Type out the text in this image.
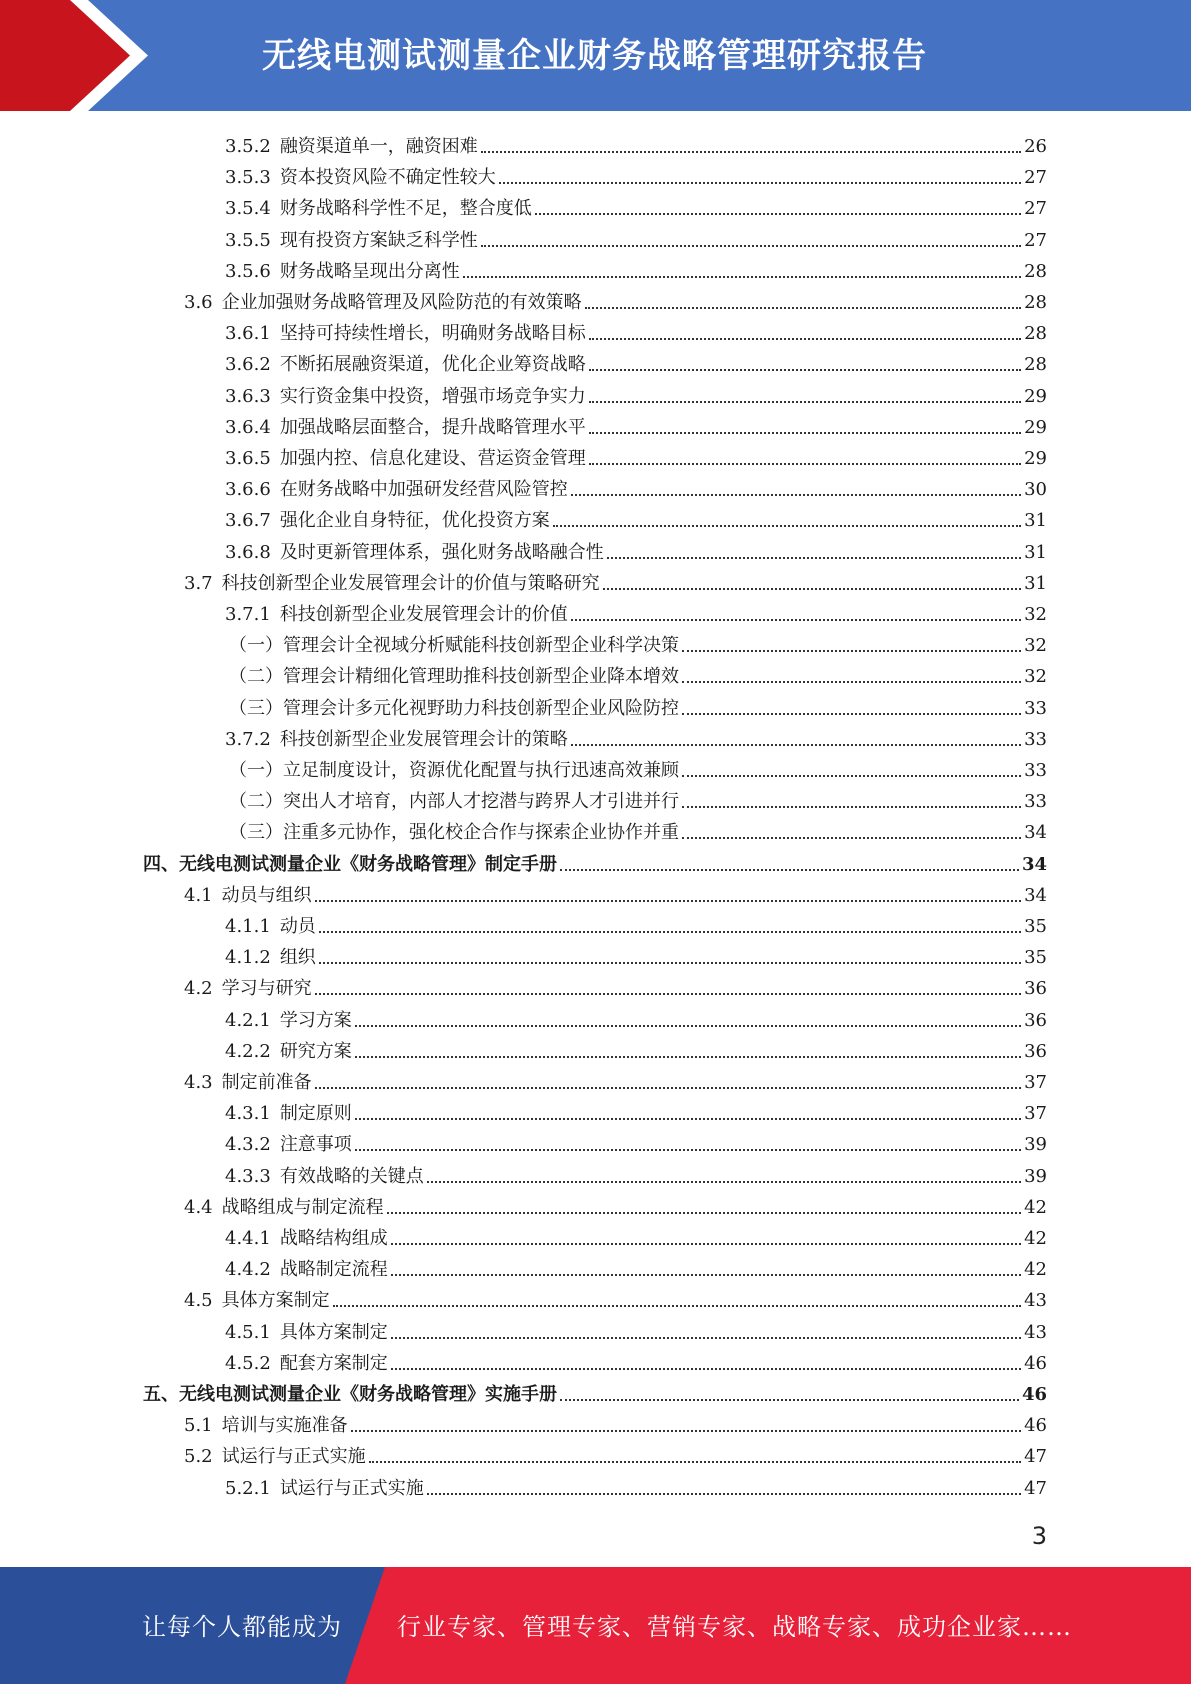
无线电测试测量企业财务战略管理研究报告
3.5.2 融资渠道单一，融资困难	26
3.5.3 资本投资风险不确定性较大	27
3.5.4 财务战略科学性不足，整合度低	27
3.5.5 现有投资方案缺乏科学性	27
3.5.6 财务战略呈现出分离性	28
3.6 企业加强财务战略管理及风险防范的有效策略	28
3.6.1 坚持可持续性增长，明确财务战略目标	28
3.6.2 不断拓展融资渠道，优化企业筹资战略	28
3.6.3 实行资金集中投资，增强市场竞争实力	29
3.6.4 加强战略层面整合，提升战略管理水平	29
3.6.5 加强内控、信息化建设、营运资金管理	29
3.6.6 在财务战略中加强研发经营风险管控	30
3.6.7 强化企业自身特征，优化投资方案	31
3.6.8 及时更新管理体系，强化财务战略融合性	31
3.7 科技创新型企业发展管理会计的价值与策略研究	31
3.7.1 科技创新型企业发展管理会计的价值	32
（一）管理会计全视域分析赋能科技创新型企业科学决策	32
（二）管理会计精细化管理助推科技创新型企业降本增效	32
（三）管理会计多元化视野助力科技创新型企业风险防控	33
3.7.2 科技创新型企业发展管理会计的策略	33
（一）立足制度设计，资源优化配置与执行迅速高效兼顾	33
（二）突出人才培育，内部人才挖潜与跨界人才引进并行	33
（三）注重多元协作，强化校企合作与探索企业协作并重	34
四、无线电测试测量企业《财务战略管理》制定手册	34
4.1 动员与组织	34
4.1.1 动员	35
4.1.2 组织	35
4.2 学习与研究	36
4.2.1 学习方案	36
4.2.2 研究方案	36
4.3 制定前准备	37
4.3.1 制定原则	37
4.3.2 注意事项	39
4.3.3 有效战略的关键点	39
4.4 战略组成与制定流程	42
4.4.1 战略结构组成	42
4.4.2 战略制定流程	42
4.5 具体方案制定	43
4.5.1 具体方案制定	43
4.5.2 配套方案制定	46
五、无线电测试测量企业《财务战略管理》实施手册	46
5.1 培训与实施准备	46
5.2 试运行与正式实施	47
5.2.1 试运行与正式实施	47
3
让每个人都能成为 行业专家、管理专家、营销专家、战略专家、成功企业家……
